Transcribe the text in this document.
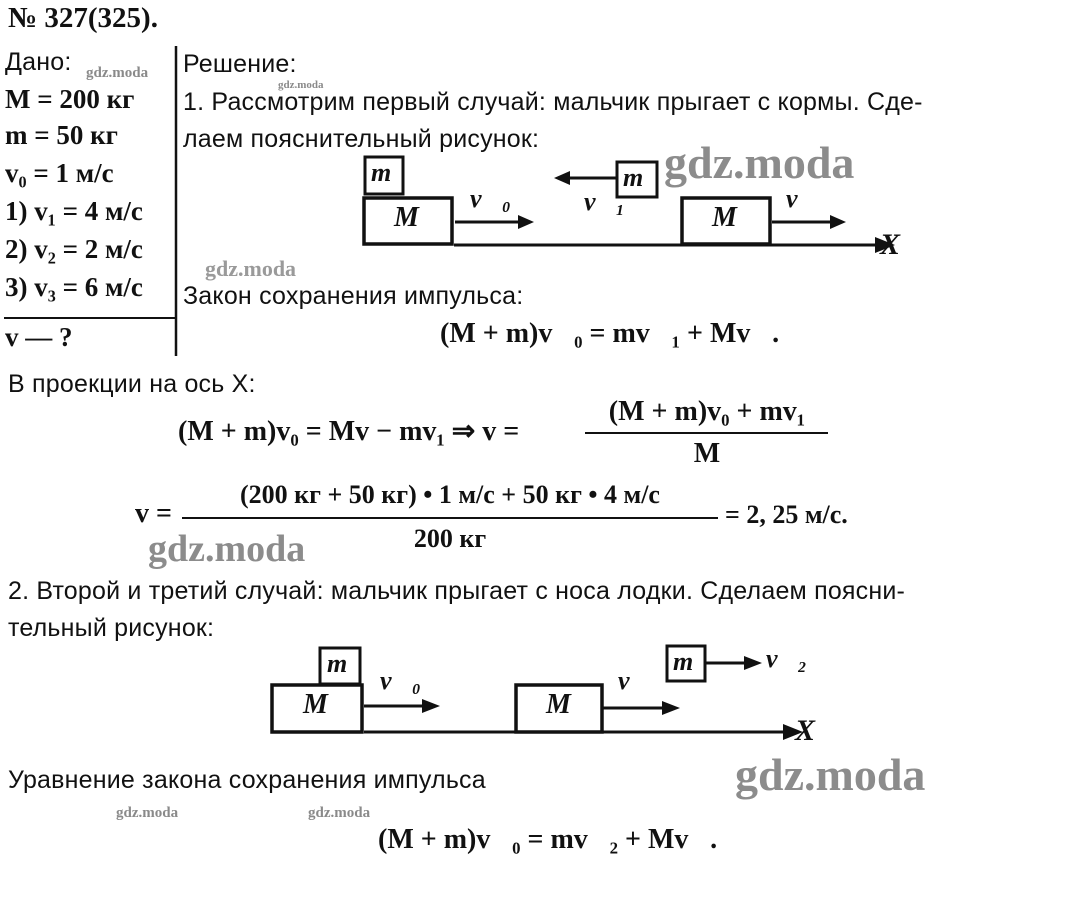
№ 327(325).
Дано:
M = 200 кг
m = 50 кг
v₀ = 1 м/с
1) v₁ = 4 м/с
2) v₂ = 2 м/с
3) v₃ = 6 м/с
v — ?
Решение:
1. Рассмотрим первый случай: мальчик прыгает с кормы. Сде-
лаем пояснительный рисунок:
Закон сохранения импульса:
(M + m)v⃗₀ = mv⃗₁ + Mv⃗.
В проекции на ось X:
(M + m)v₀ = Mv − mv₁ ⇒ v =
(M + m)v₀ + mv₁
M
v =
(200 кг + 50 кг) • 1 м/с + 50 кг • 4 м/с
200 кг
= 2, 25 м/с.
2. Второй и третий случай: мальчик прыгает с носа лодки. Сделаем поясни-
тельный рисунок:
Уравнение закона сохранения импульса
(M + m)v⃗₀ = mv⃗₂ + Mv⃗.
m
M
v⃗₀
m
v⃗₁
M
v⃗
X
m
M
v⃗₀
M
v⃗
m	v⃗₂
X
gdz.moda
gdz.moda
gdz.moda
gdz.moda
gdz.moda
gdz.moda
gdz.moda	gdz.moda
